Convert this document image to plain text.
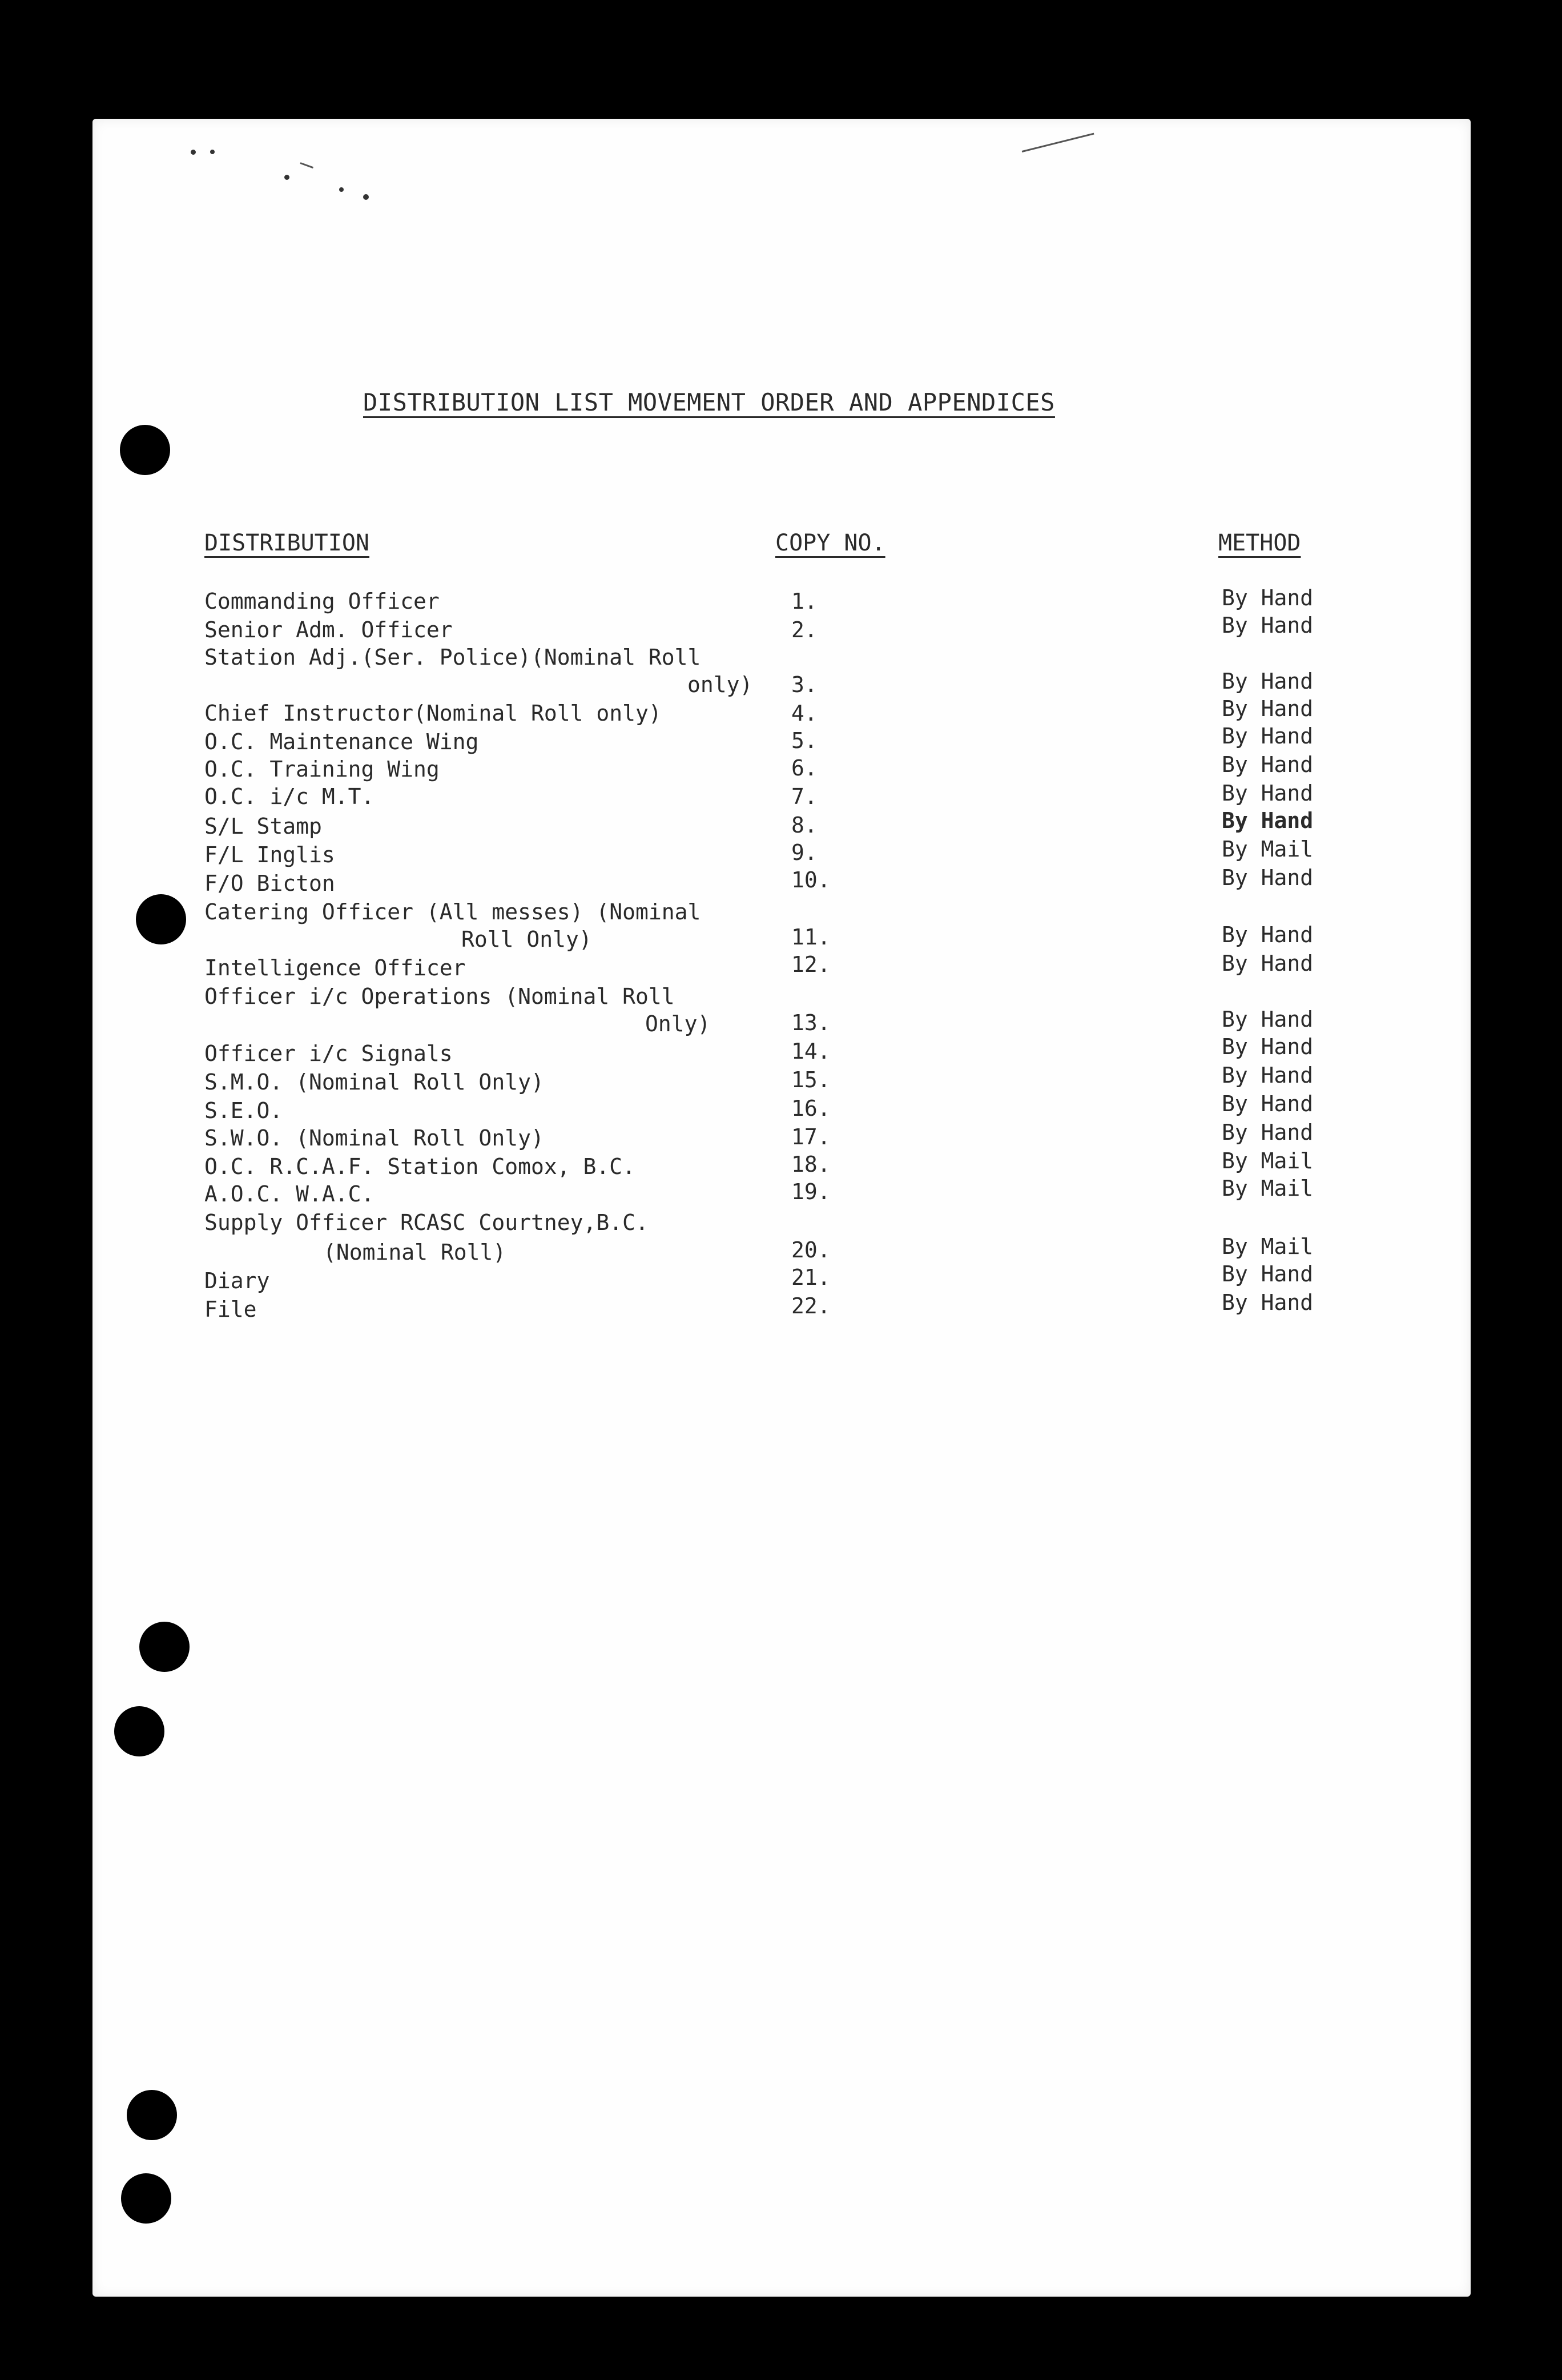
DISTRIBUTION LIST MOVEMENT ORDER AND APPENDICES
DISTRIBUTION	COPY NO.	METHOD
Commanding Officer	1.	By Hand
Senior Adm. Officer	2.	By Hand
Station Adj.(Ser. Police)(Nominal Roll
only) 3.	By Hand
Chief Instructor(Nominal Roll only)	4.	By Hand
O.C. Maintenance Wing	5.	By Hand
O.C. Training Wing	6.	By Hand
O.C. i/c M.T.	7.	By Hand
S/L Stamp	8.	By Hand
F/L Inglis	9.	By Mail
F/O Bicton	10.	By Hand
Catering Officer (All messes) (Nominal
Roll Only)	11.	By Hand
Intelligence Officer	12.	By Hand
Officer i/c Operations (Nominal Roll
Only)	13.	By Hand
Officer i/c Signals	14.	By Hand
S.M.O. (Nominal Roll Only)	15.	By Hand
S.E.O.	16.	By Hand
S.W.O. (Nominal Roll Only)	17.	By Hand
O.C. R.C.A.F. Station Comox, B.C.	18.	By Mail
A.O.C. W.A.C.	19.	By Mail
Supply Officer RCASC Courtney,B.C.
(Nominal Roll)	20.	By Mail
Diary	21.	By Hand
File	22.	By Hand
